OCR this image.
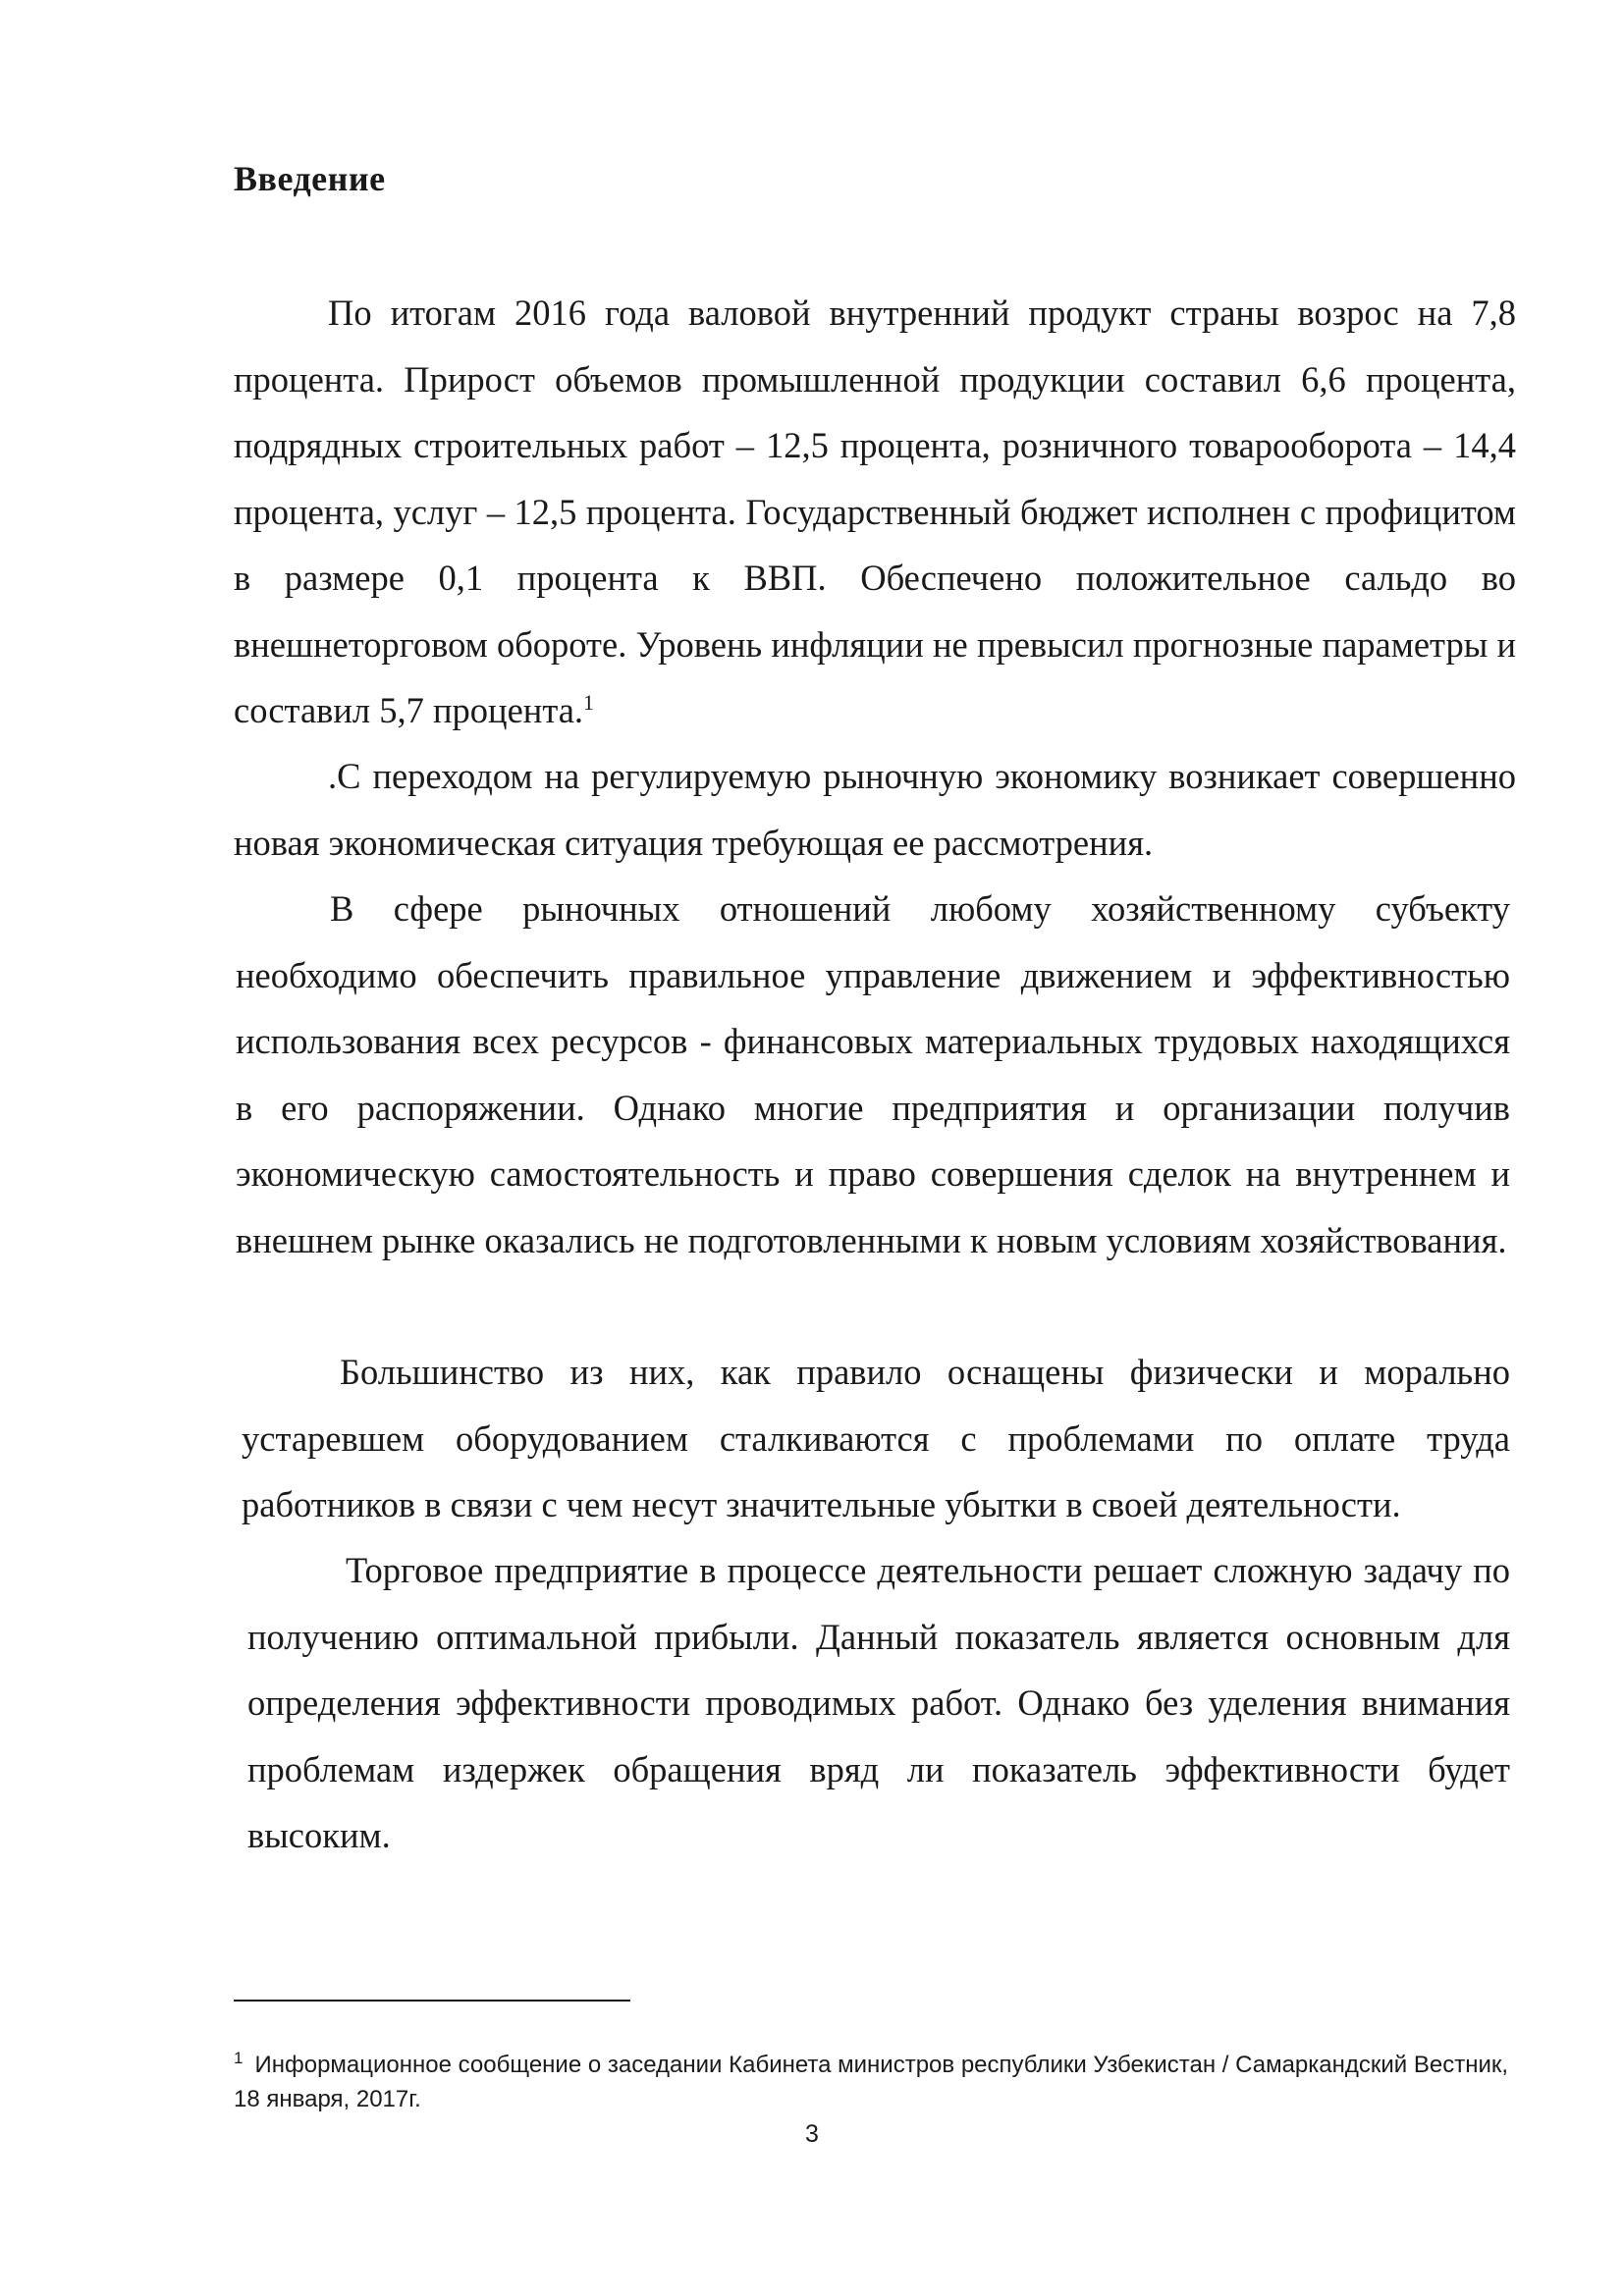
Введение

По итогам 2016 года валовой внутренний продукт страны возрос на 7,8 процента. Прирост объемов промышленной продукции составил 6,6 процента, подрядных строительных работ – 12,5 процента, розничного товарооборота – 14,4 процента, услуг – 12,5 процента. Государственный бюджет исполнен с профицитом в размере 0,1 процента к ВВП. Обеспечено положительное сальдо во внешнеторговом обороте. Уровень инфляции не превысил прогнозные параметры и составил 5,7 процента.$^1$

.С переходом на регулируемую рыночную экономику возникает совершенно новая экономическая ситуация требующая ее рассмотрения.

В сфере рыночных отношений любому хозяйственному субъекту необходимо обеспечить правильное управление движением и эффективностью использования всех ресурсов - финансовых материальных трудовых находящихся в его распоряжении. Однако многие предприятия и организации получив экономическую самостоятельность и право совершения сделок на внутреннем и внешнем рынке оказались не подготовленными к новым условиям хозяйствования.

Большинство из них, как правило оснащены физически и морально устаревшем оборудованием сталкиваются с проблемами по оплате труда работников в связи с чем несут значительные убытки в своей деятельности.

Торговое предприятие в процессе деятельности решает сложную задачу по получению оптимальной прибыли. Данный показатель является основным для определения эффективности проводимых работ. Однако без уделения внимания проблемам издержек обращения вряд ли показатель эффективности будет высоким.

$^1$ Информационное сообщение о заседании Кабинета министров республики Узбекистан / Самаркандский Вестник, 18 января, 2017г.

3
